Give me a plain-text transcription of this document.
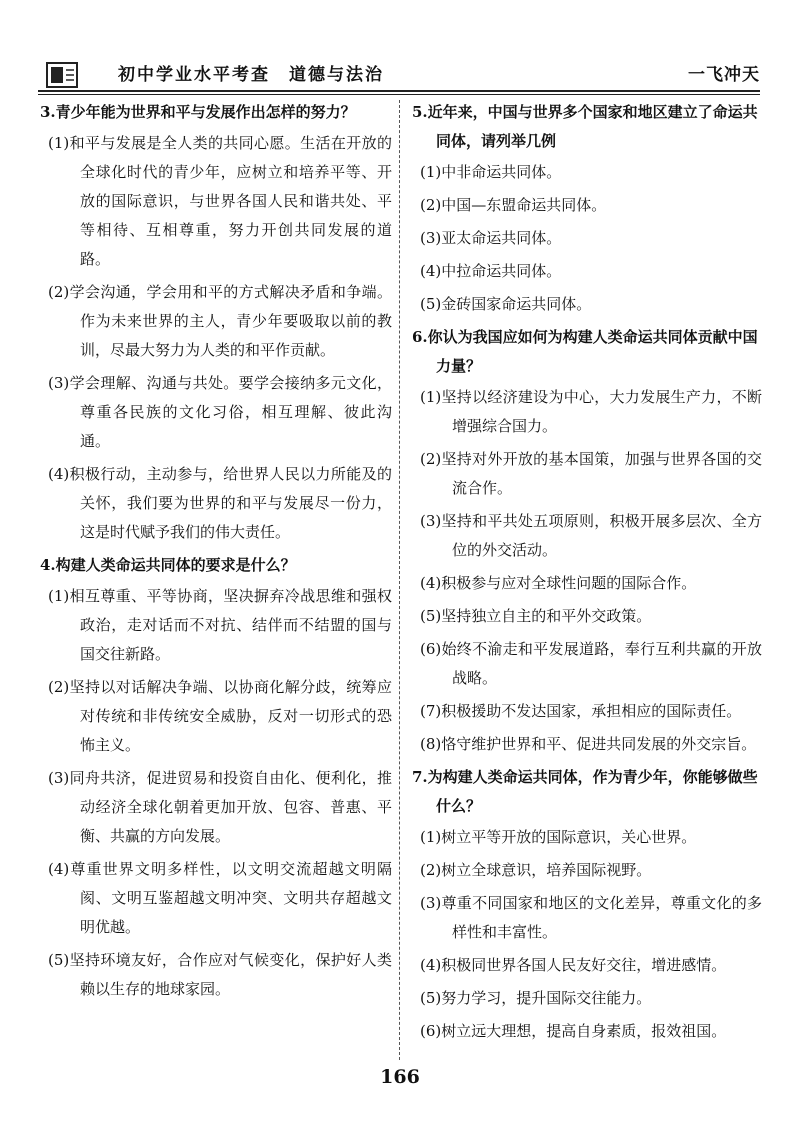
初中学业水平考查　道德与法治	一飞冲天
3.青少年能为世界和平与发展作出怎样的努力？
(1)和平与发展是全人类的共同心愿。生活在开放的全球化时代的青少年，应树立和培养平等、开放的国际意识，与世界各国人民和谐共处、平等相待、互相尊重，努力开创共同发展的道路。
(2)学会沟通，学会用和平的方式解决矛盾和争端。作为未来世界的主人，青少年要吸取以前的教训，尽最大努力为人类的和平作贡献。
(3)学会理解、沟通与共处。要学会接纳多元文化，尊重各民族的文化习俗，相互理解、彼此沟通。
(4)积极行动，主动参与，给世界人民以力所能及的关怀，我们要为世界的和平与发展尽一份力，这是时代赋予我们的伟大责任。
4.构建人类命运共同体的要求是什么？
(1)相互尊重、平等协商，坚决摒弃冷战思维和强权政治，走对话而不对抗、结伴而不结盟的国与国交往新路。
(2)坚持以对话解决争端、以协商化解分歧，统筹应对传统和非传统安全威胁，反对一切形式的恐怖主义。
(3)同舟共济，促进贸易和投资自由化、便利化，推动经济全球化朝着更加开放、包容、普惠、平衡、共赢的方向发展。
(4)尊重世界文明多样性，以文明交流超越文明隔阂、文明互鉴超越文明冲突、文明共存超越文明优越。
(5)坚持环境友好，合作应对气候变化，保护好人类赖以生存的地球家园。
5.近年来，中国与世界多个国家和地区建立了命运共同体，请列举几例
(1)中非命运共同体。
(2)中国—东盟命运共同体。
(3)亚太命运共同体。
(4)中拉命运共同体。
(5)金砖国家命运共同体。
6.你认为我国应如何为构建人类命运共同体贡献中国力量？
(1)坚持以经济建设为中心，大力发展生产力，不断增强综合国力。
(2)坚持对外开放的基本国策，加强与世界各国的交流合作。
(3)坚持和平共处五项原则，积极开展多层次、全方位的外交活动。
(4)积极参与应对全球性问题的国际合作。
(5)坚持独立自主的和平外交政策。
(6)始终不渝走和平发展道路，奉行互利共赢的开放战略。
(7)积极援助不发达国家，承担相应的国际责任。
(8)恪守维护世界和平、促进共同发展的外交宗旨。
7.为构建人类命运共同体，作为青少年，你能够做些什么？
(1)树立平等开放的国际意识，关心世界。
(2)树立全球意识，培养国际视野。
(3)尊重不同国家和地区的文化差异，尊重文化的多样性和丰富性。
(4)积极同世界各国人民友好交往，增进感情。
(5)努力学习，提升国际交往能力。
(6)树立远大理想，提高自身素质，报效祖国。
166
